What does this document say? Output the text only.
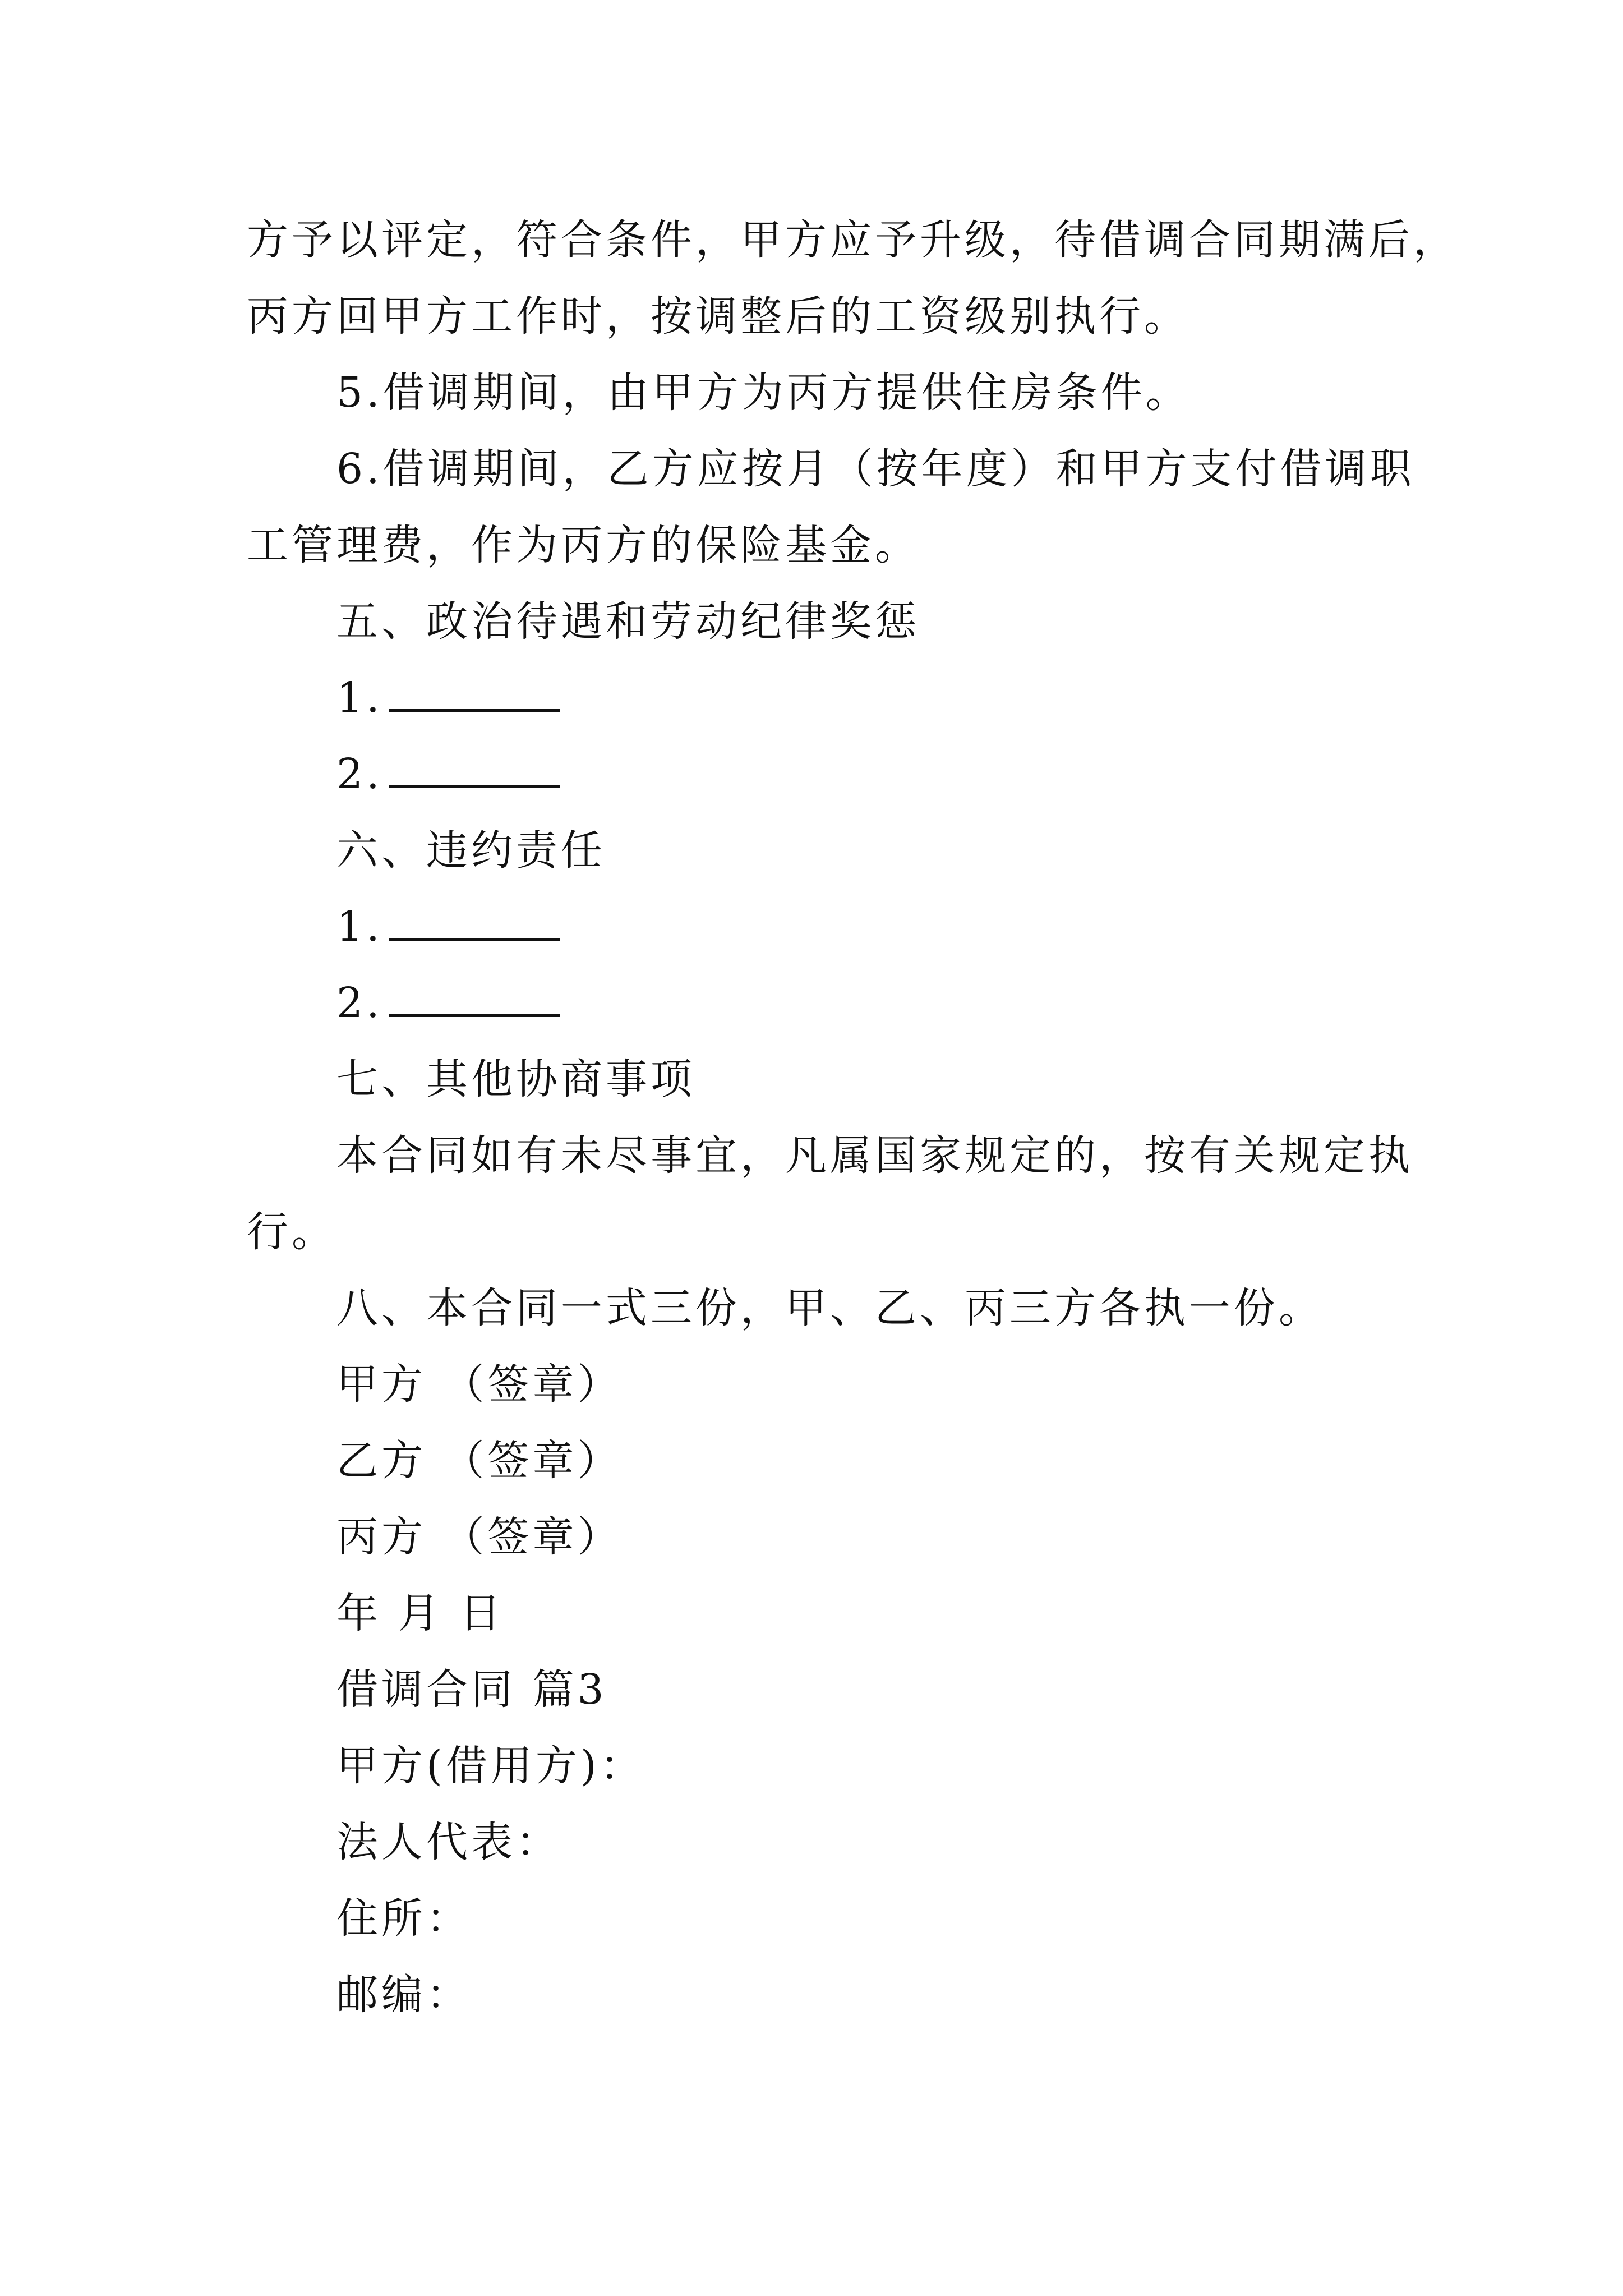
方予以评定，符合条件，甲方应予升级，待借调合同期满后，
丙方回甲方工作时，按调整后的工资级别执行。
5.借调期间，由甲方为丙方提供住房条件。
6.借调期间，乙方应按月（按年度）和甲方支付借调职
工管理费，作为丙方的保险基金。
五、政治待遇和劳动纪律奖惩
1.
2.
六、违约责任
1.
2.
七、其他协商事项
本合同如有未尽事宜，凡属国家规定的，按有关规定执
行。
八、本合同一式三份，甲、乙、丙三方各执一份。
甲方 （签章）
乙方 （签章）
丙方 （签章）
年 月 日
借调合同 篇3
甲方(借用方)：
法人代表：
住所：
邮编：
